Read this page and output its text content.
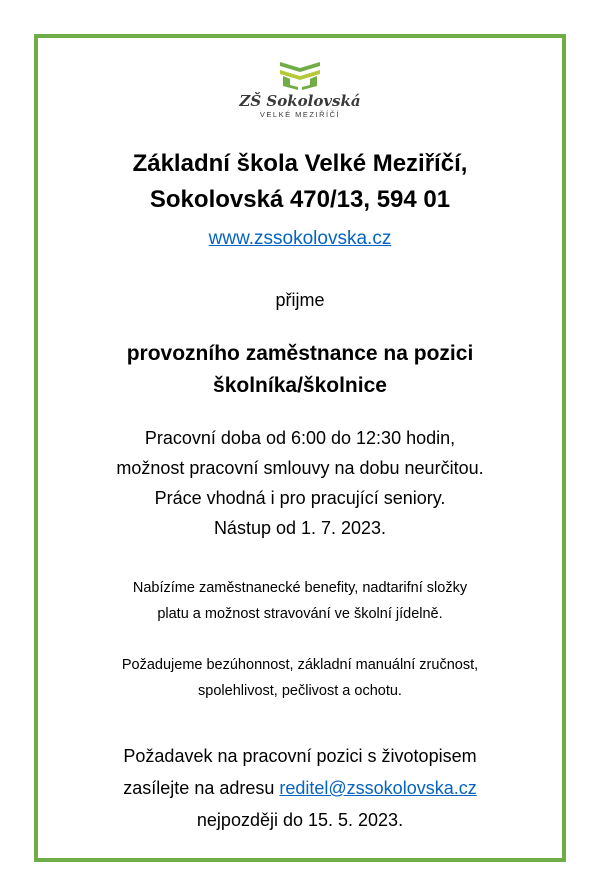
ZŠ Sokolovská
VELKÉ MEZIŘÍČÍ
Základní škola Velké Meziříčí,
Sokolovská 470/13, 594 01
www.zssokolovska.cz
přijme
provozního zaměstnance na pozici
školníka/školnice
Pracovní doba od 6:00 do 12:30 hodin,
možnost pracovní smlouvy na dobu neurčitou.
Práce vhodná i pro pracující seniory.
Nástup od 1. 7. 2023.
Nabízíme zaměstnanecké benefity, nadtarifní složky
platu a možnost stravování ve školní jídelně.
Požadujeme bezúhonnost, základní manuální zručnost,
spolehlivost, pečlivost a ochotu.
Požadavek na pracovní pozici s životopisem
zasílejte na adresu reditel@zssokolovska.cz
nejpozději do 15. 5. 2023.
